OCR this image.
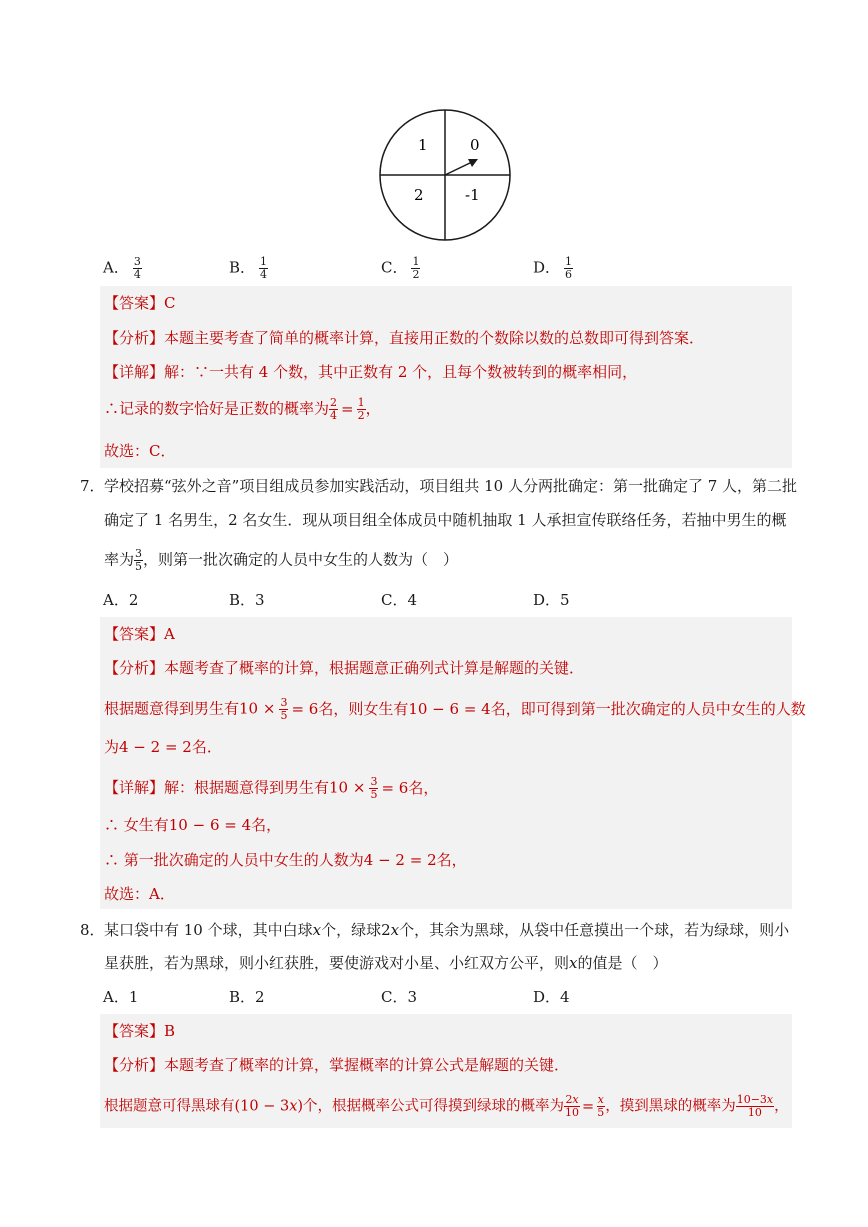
1	0
2	-1
A． $\frac{3}{4}$	B． $\frac{1}{4}$	C． $\frac{1}{2}$	D． $\frac{1}{6}$
【答案】C
【分析】本题主要考查了简单的概率计算，直接用正数的个数除以数的总数即可得到答案．
【详解】解：∵一共有 4 个数，其中正数有 2 个，且每个数被转到的概率相同，
∴记录的数字恰好是正数的概率为 $\frac{2}{4} = \frac{1}{2}$ ，
故选：C．
7． 学校招募“弦外之音”项目组成员参加实践活动，项目组共 10 人分两批确定：第一批确定了 7 人，第二批
确定了 1 名男生，2 名女生．现从项目组全体成员中随机抽取 1 人承担宣传联络任务，若抽中男生的概
率为 $\frac{3}{5}$ ，则第一批次确定的人员中女生的人数为（　）
A．2	B．3	C．4	D．5
【答案】A
【分析】本题考查了概率的计算，根据题意正确列式计算是解题的关键．
根据题意得到男生有$10 \times \frac{3}{5} = 6$名，则女生有10 − 6 = 4名，即可得到第一批次确定的人员中女生的人数
为4 − 2 = 2名．
【详解】解：根据题意得到男生有$10 \times \frac{3}{5} = 6$名，
∴ 女生有10 − 6 = 4名，
∴ 第一批次确定的人员中女生的人数为4 − 2 = 2名，
故选：A．
8． 某口袋中有 10 个球，其中白球𝑥个，绿球2𝑥个，其余为黑球，从袋中任意摸出一个球，若为绿球，则小
星获胜，若为黑球，则小红获胜，要使游戏对小星、小红双方公平，则𝑥的值是（　）
A．1	B．2	C．3	D．4
【答案】B
【分析】本题考查了概率的计算，掌握概率的计算公式是解题的关键．
根据题意可得黑球有(10 − 3𝑥)个，根据概率公式可得摸到绿球的概率为 $\frac{\text{2𝑥}}{10} = \frac{\text{𝑥}}{5}$ ，摸到黑球的概率为 $\frac{\text{10−3𝑥}}{10}$ ，
